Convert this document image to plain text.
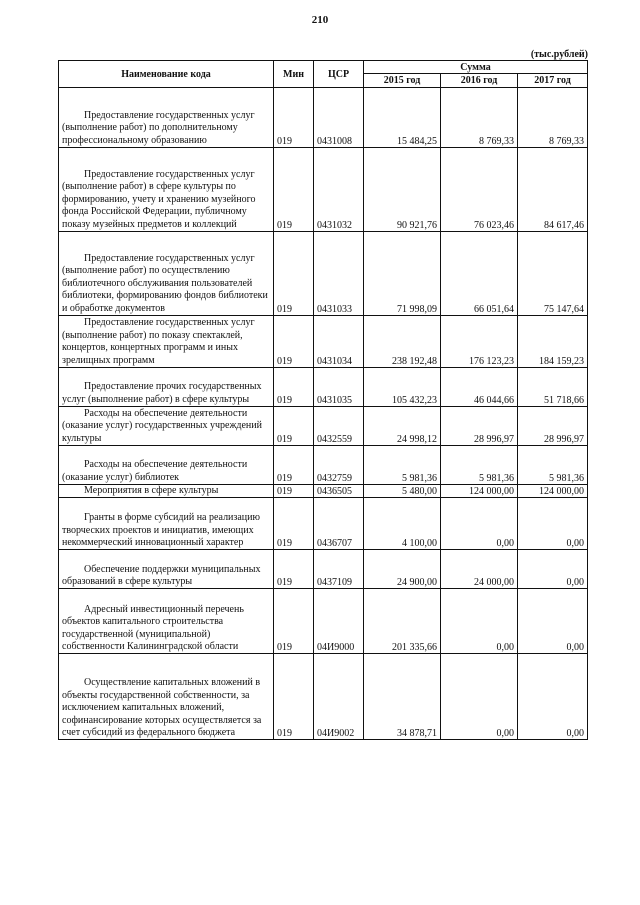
210
(тыс.рублей)
Наименование кода	Мин	ЦСР	Сумма		
			2015 год	2016 год	2017 год
Предоставление государственных услуг (выполнение работ) по дополнительному профессиональному образованию	019	0431008	15 484,25	8 769,33	8 769,33
Предоставление государственных услуг (выполнение работ) в сфере культуры по формированию, учету и хранению музейного фонда Российской Федерации, публичному показу музейных предметов и коллекций	019	0431032	90 921,76	76 023,46	84 617,46
Предоставление государственных услуг (выполнение работ) по осуществлению библиотечного обслуживания пользователей библиотеки, формированию фондов библиотеки и обработке документов	019	0431033	71 998,09	66 051,64	75 147,64
Предоставление государственных услуг (выполнение работ) по показу спектаклей, концертов, концертных программ и иных зрелищных программ	019	0431034	238 192,48	176 123,23	184 159,23
Предоставление прочих государственных услуг (выполнение работ) в сфере культуры	019	0431035	105 432,23	46 044,66	51 718,66
Расходы на обеспечение деятельности (оказание услуг) государственных учреждений культуры	019	0432559	24 998,12	28 996,97	28 996,97
Расходы на обеспечение деятельности (оказание услуг) библиотек	019	0432759	5 981,36	5 981,36	5 981,36
Мероприятия в сфере культуры	019	0436505	5 480,00	124 000,00	124 000,00
Гранты в форме субсидий на реализацию творческих проектов и инициатив, имеющих некоммерческий инновационный характер	019	0436707	4 100,00	0,00	0,00
Обеспечение поддержки муниципальных образований в сфере культуры	019	0437109	24 900,00	24 000,00	0,00
Адресный инвестиционный перечень объектов капитального строительства государственной (муниципальной) собственности Калининградской области	019	04И9000	201 335,66	0,00	0,00
Осуществление капитальных вложений в объекты государственной собственности, за исключением капитальных вложений, софинансирование которых осуществляется за счет субсидий из федерального бюджета	019	04И9002	34 878,71	0,00	0,00
